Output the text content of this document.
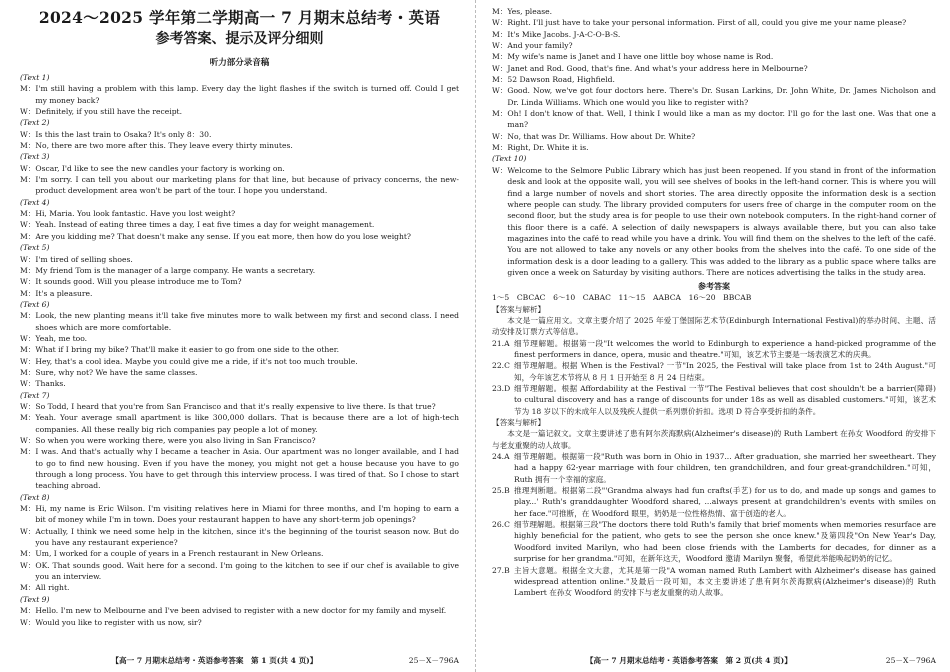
2024～2025 学年第二学期高一 7 月期末总结考・英语
参考答案、提示及评分细则
听力部分录音稿
(Text 1)
M： I'm still having a problem with this lamp. Every day the light flashes if the switch is turned off. Could I get my money back?
W： Definitely, if you still have the receipt.
(Text 2)
W： Is this the last train to Osaka? It's only 8：30.
M： No, there are two more after this. They leave every thirty minutes.
(Text 3)
W： Oscar, I'd like to see the new candles your factory is working on.
M： I'm sorry. I can tell you about our marketing plans for that line, but because of privacy concerns, the new-product development area won't be part of the tour. I hope you understand.
(Text 4)
M： Hi, Maria. You look fantastic. Have you lost weight?
W： Yeah. Instead of eating three times a day, I eat five times a day for weight management.
M： Are you kidding me? That doesn't make any sense. If you eat more, then how do you lose weight?
(Text 5)
W： I'm tired of selling shoes.
M： My friend Tom is the manager of a large company. He wants a secretary.
W： It sounds good. Will you please introduce me to Tom?
M： It's a pleasure.
(Text 6)
M： Look, the new planting means it'll take five minutes more to walk between my first and second class. I need shoes which are more comfortable.
W： Yeah, me too.
M： What if I bring my bike? That'll make it easier to go from one side to the other.
W： Hey, that's a cool idea. Maybe you could give me a ride, if it's not too much trouble.
M： Sure, why not? We have the same classes.
W： Thanks.
(Text 7)
W： So Todd, I heard that you're from San Francisco and that it's really expensive to live there. Is that true?
M： Yeah. Your average small apartment is like 300,000 dollars. That is because there are a lot of high-tech companies. All these really big rich companies pay people a lot of money.
W： So when you were working there, were you also living in San Francisco?
M： I was. And that's actually why I became a teacher in Asia. Our apartment was no longer available, and I had to go to find new housing. Even if you have the money, you might not get a house because you have to go through a long process. You have to get through this interview process. I was tired of that. So I chose to start teaching abroad.
(Text 8)
M： Hi, my name is Eric Wilson. I'm visiting relatives here in Miami for three months, and I'm hoping to earn a bit of money while I'm in town. Does your restaurant happen to have any short-term job openings?
W： Actually, I think we need some help in the kitchen, since it's the beginning of the tourist season now. But do you have any restaurant experience?
M： Um, I worked for a couple of years in a French restaurant in New Orleans.
W： OK. That sounds good. Wait here for a second. I'm going to the kitchen to see if our chef is available to give you an interview.
M： All right.
(Text 9)
M： Hello. I'm new to Melbourne and I've been advised to register with a new doctor for my family and myself.
W： Would you like to register with us now, sir?
【高一 7 月期末总结考・英语参考答案　第 1 页(共 4 页)】	25－X－796A
M： Yes, please.
W： Right. I'll just have to take your personal information. First of all, could you give me your name please?
M： It's Mike Jacobs. J-A-C-O-B-S.
W： And your family?
M： My wife's name is Janet and I have one little boy whose name is Rod.
W： Janet and Rod. Good, that's fine. And what's your address here in Melbourne?
M： 52 Dawson Road, Highfield.
W： Good. Now, we've got four doctors here. There's Dr. Susan Larkins, Dr. John White, Dr. James Nicholson and Dr. Linda Williams. Which one would you like to register with?
M： Oh! I don't know of that. Well, I think I would like a man as my doctor. I'll go for the last one. Was that one a man?
W： No, that was Dr. Williams. How about Dr. White?
M： Right, Dr. White it is.
(Text 10)
W： Welcome to the Selmore Public Library which has just been reopened. If you stand in front of the information desk and look at the opposite wall, you will see shelves of books in the left-hand corner. This is where you will find a large number of novels and short stories. The area directly opposite the information desk is a section where people can study. The library provided computers for users free of charge in the computer room on the second floor, but the study area is for people to use their own notebook computers. In the right-hand corner of this floor there is a café. A selection of daily newspapers is always available there, but you can also take magazines into the café to read while you have a drink. You will find them on the shelves to the left of the café. You are not allowed to take any novels or any other books from the shelves into the café. To one side of the information desk is a door leading to a gallery. This was added to the library as a public space where talks are given once a week on Saturday by visiting authors. There are notices advertising the talks in the study area.
参考答案
1～5　CBCAC　6～10　CABAC　11～15　AABCA　16～20　BBCAB
【答案与解析】
本文是一篇应用文。文章主要介绍了 2025 年爱丁堡国际艺术节(Edinburgh International Festival)的举办时间、主题、活动安排及订票方式等信息。
21.A 细节理解题。根据第一段"It welcomes the world to Edinburgh to experience a hand-picked programme of the finest performers in dance, opera, music and theatre."可知，该艺术节主要是一场表演艺术的庆典。
22.C 细节理解题。根据 When is the Festival? 一节"In 2025, the Festival will take place from 1st to 24th August."可知，今年该艺术节将从 8 月 1 日开始至 8 月 24 日结束。
23.D 细节理解题。根据 Affordability at the Festival 一节"The Festival believes that cost shouldn't be a barrier(障碍) to cultural discovery and has a range of discounts for under 18s as well as disabled customers."可知，该艺术节为 18 岁以下的未成年人以及残疾人提供一系列票价折扣。选项 D 符合享受折扣的条件。
【答案与解析】
本文是一篇记叙文。文章主要讲述了患有阿尔茨海默病(Alzheimer's disease)的 Ruth Lambert 在孙女 Woodford 的安排下与老友重聚的动人故事。
24.A 细节理解题。根据第一段"Ruth was born in Ohio in 1937... After graduation, she married her sweetheart. They had a happy 62-year marriage with four children, ten grandchildren, and four great-grandchildren."可知，Ruth 拥有一个幸福的家庭。
25.B 推理判断题。根据第二段"'Grandma always had fun crafts(手艺) for us to do, and made up songs and games to play...' Ruth's granddaughter Woodford shared, ...always present at grandchildren's events with smiles on her face."可推断，在 Woodford 眼里，奶奶是一位性格热情、富于创造的老人。
26.C 细节理解题。根据第三段"The doctors there told Ruth's family that brief moments when memories resurface are highly beneficial for the patient, who gets to see the person she once knew."及第四段"On New Year's Day, Woodford invited Marilyn, who had been close friends with the Lamberts for decades, for dinner as a surprise for her grandma."可知，在新年这天，Woodford 邀请 Marilyn 聚餐，希望此举能唤起奶奶的记忆。
27.B 主旨大意题。根据全文大意，尤其是第一段"A woman named Ruth Lambert with Alzheimer's disease has gained widespread attention online."及最后一段可知，本文主要讲述了患有阿尔茨海默病(Alzheimer's disease)的 Ruth Lambert 在孙女 Woodford 的安排下与老友重聚的动人故事。
【高一 7 月期末总结考・英语参考答案　第 2 页(共 4 页)】	25－X－796A
